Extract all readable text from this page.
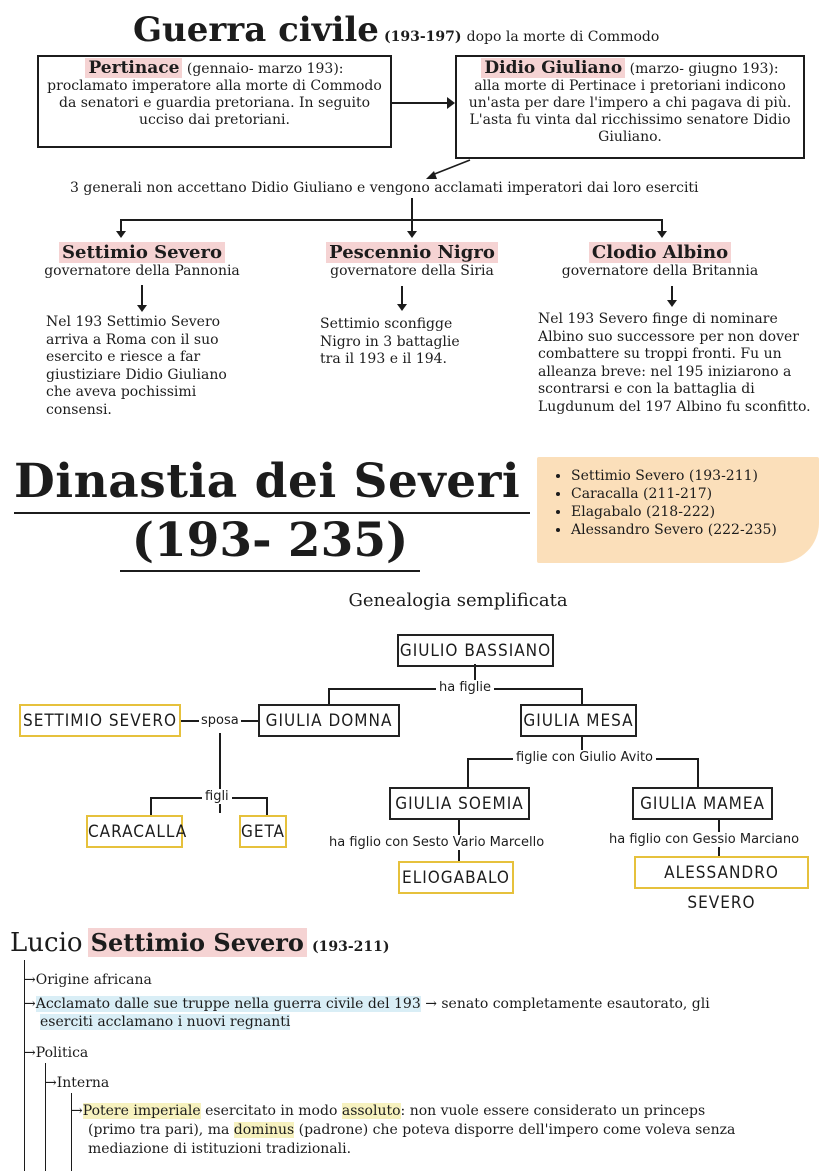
Guerra civile (193-197) dopo la morte di Commodo
Pertinace (gennaio- marzo 193):
proclamato imperatore alla morte di Commodo da senatori e guardia pretoriana. In seguito ucciso dai pretoriani.
Didio Giuliano (marzo- giugno 193):
alla morte di Pertinace i pretoriani indicono un'asta per dare l'impero a chi pagava di più. L'asta fu vinta dal ricchissimo senatore Didio Giuliano.
3 generali non accettano Didio Giuliano e vengono acclamati imperatori dai loro eserciti
Settimio Severo
governatore della Pannonia
Pescennio Nigro
governatore della Siria
Clodio Albino
governatore della Britannia
Nel 193 Settimio Severo arriva a Roma con il suo esercito e riesce a far giustiziare Didio Giuliano che aveva pochissimi consensi.
Settimio sconfigge Nigro in 3 battaglie tra il 193 e il 194.
Nel 193 Severo finge di nominare Albino suo successore per non dover combattere su troppi fronti. Fu un alleanza breve: nel 195 iniziarono a scontrarsi e con la battaglia di Lugdunum del 197 Albino fu sconfitto.
Dinastia dei Severi
(193- 235)
• Settimio Severo (193-211)
• Caracalla (211-217)
• Elagabalo (218-222)
• Alessandro Severo (222-235)
Genealogia semplificata
GIULIO BASSIANO
ha figlie
SETTIMIO SEVERO	sposa	GIULIA DOMNA	GIULIA MESA
figlie con Giulio Avito
figli
CARACALLA	GETA
GIULIA SOEMIA	GIULIA MAMEA
ha figlio con Sesto Vario Marcello	ha figlio con Gessio Marciano
ELIOGABALO	ALESSANDRO SEVERO
Lucio Settimio Severo (193-211)
→Origine africana
→Acclamato dalle sue truppe nella guerra civile del 193 → senato completamente esautorato, gli
eserciti acclamano i nuovi regnanti
→Politica
→Interna
→Potere imperiale esercitato in modo assoluto: non vuole essere considerato un princeps
(primo tra pari), ma dominus (padrone) che poteva disporre dell'impero come voleva senza
mediazione di istituzioni tradizionali.
